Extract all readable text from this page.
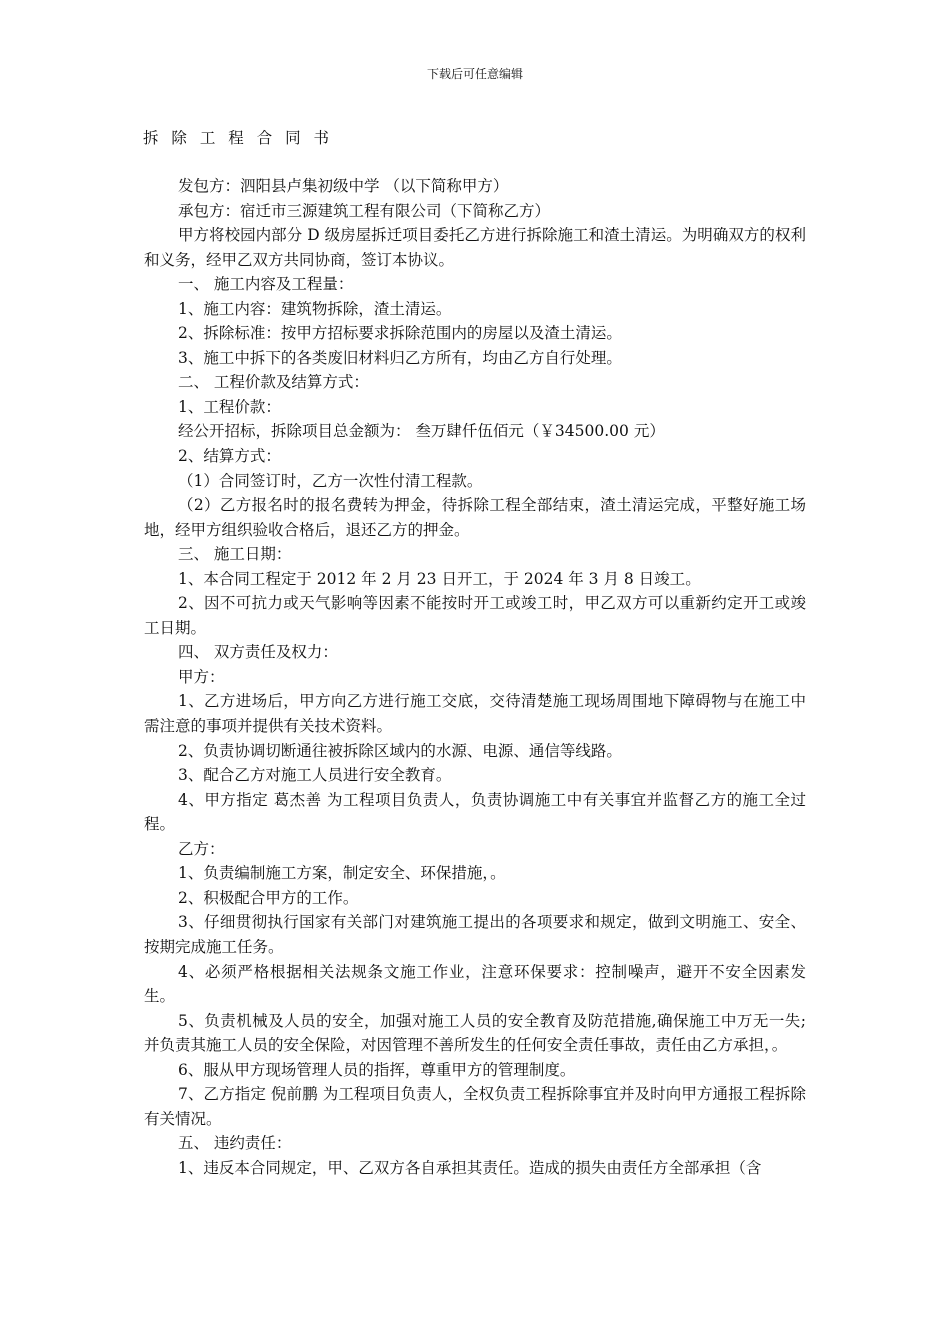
下载后可任意编辑
拆 除 工 程 合 同 书

发包方：泗阳县卢集初级中学 （以下简称甲方）

承包方：宿迁市三源建筑工程有限公司（下简称乙方）

甲方将校园内部分 D 级房屋拆迁项目委托乙方进行拆除施工和渣土清运。为明确双方的权利和义务，经甲乙双方共同协商，签订本协议。

一、 施工内容及工程量：

1、施工内容：建筑物拆除，渣土清运。

2、拆除标准：按甲方招标要求拆除范围内的房屋以及渣土清运。

3、施工中拆下的各类废旧材料归乙方所有，均由乙方自行处理。

二、 工程价款及结算方式：

1、工程价款：

经公开招标，拆除项目总金额为： 叁万肆仟伍佰元（￥34500.00 元）

2、结算方式：

（1）合同签订时，乙方一次性付清工程款。

（2）乙方报名时的报名费转为押金，待拆除工程全部结束，渣土清运完成，平整好施工场地，经甲方组织验收合格后，退还乙方的押金。

三、 施工日期：

1、本合同工程定于 2012 年 2 月 23 日开工，于 2024 年 3 月 8 日竣工。

2、因不可抗力或天气影响等因素不能按时开工或竣工时，甲乙双方可以重新约定开工或竣工日期。

四、 双方责任及权力：

甲方：

1、乙方进场后，甲方向乙方进行施工交底，交待清楚施工现场周围地下障碍物与在施工中需注意的事项并提供有关技术资料。

2、负责协调切断通往被拆除区域内的水源、电源、通信等线路。

3、配合乙方对施工人员进行安全教育。

4、甲方指定 葛杰善 为工程项目负责人，负责协调施工中有关事宜并监督乙方的施工全过程。

乙方：

1、负责编制施工方案，制定安全、环保措施，。

2、积极配合甲方的工作。

3、仔细贯彻执行国家有关部门对建筑施工提出的各项要求和规定，做到文明施工、安全、按期完成施工任务。

4、必须严格根据相关法规条文施工作业，注意环保要求：控制噪声，避开不安全因素发生。

5、负责机械及人员的安全，加强对施工人员的安全教育及防范措施,确保施工中万无一失; 并负责其施工人员的安全保险，对因管理不善所发生的任何安全责任事故，责任由乙方承担，。

6、服从甲方现场管理人员的指挥，尊重甲方的管理制度。

7、乙方指定 倪前鹏 为工程项目负责人，全权负责工程拆除事宜并及时向甲方通报工程拆除有关情况。

五、 违约责任：

1、违反本合同规定，甲、乙双方各自承担其责任。造成的损失由责任方全部承担（含
